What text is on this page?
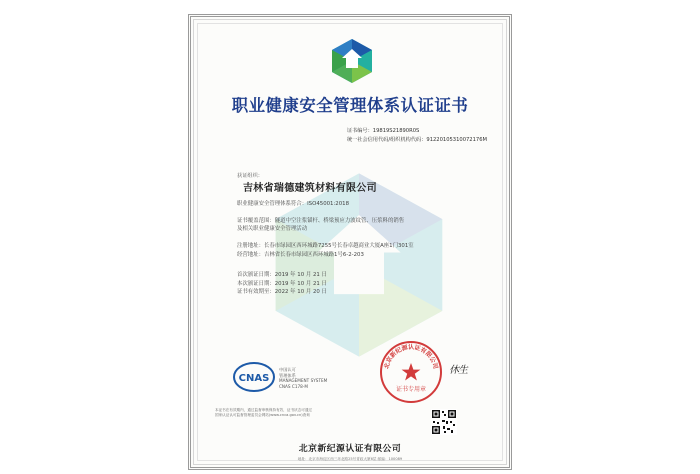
职业健康安全管理体系认证证书
证书编号：19819S21890R0S
统一社会信用代码/组织机构代码：91220105310072176M
获证组织：
吉林省瑞德建筑材料有限公司
职业健康安全管理体系符合：ISO45001:2018
证书覆盖范围：隧道中空注浆锚杆、桥梁预应力波纹管、压浆料的销售
及相关职业健康安全管理活动
注册地址：长春市绿园区西环城路7255号长春卓越商业大厦A座1门301室
经营地址：吉林省长春市绿园区西环城路1号6-2-203
首次颁证日期：2019 年 10 月 21 日
本次颁证日期：2019 年 10 月 21 日
证书有效期至：2022 年 10 月 20 日
CNAS
中国认可
管理体系
MANAGEMENT SYSTEM
CNAS C178-M
北京新纪源认证有限公司
证书专用章
休生
本证书在有效期内，通过监督审核保持有效，证书状态可通过
国家认证认可监督管理委员会网站(www.cnca.gov.cn)查询
北京新纪源认证有限公司
地址：北京市海淀区西三环北路25号青政大厦6层 邮编：100089
